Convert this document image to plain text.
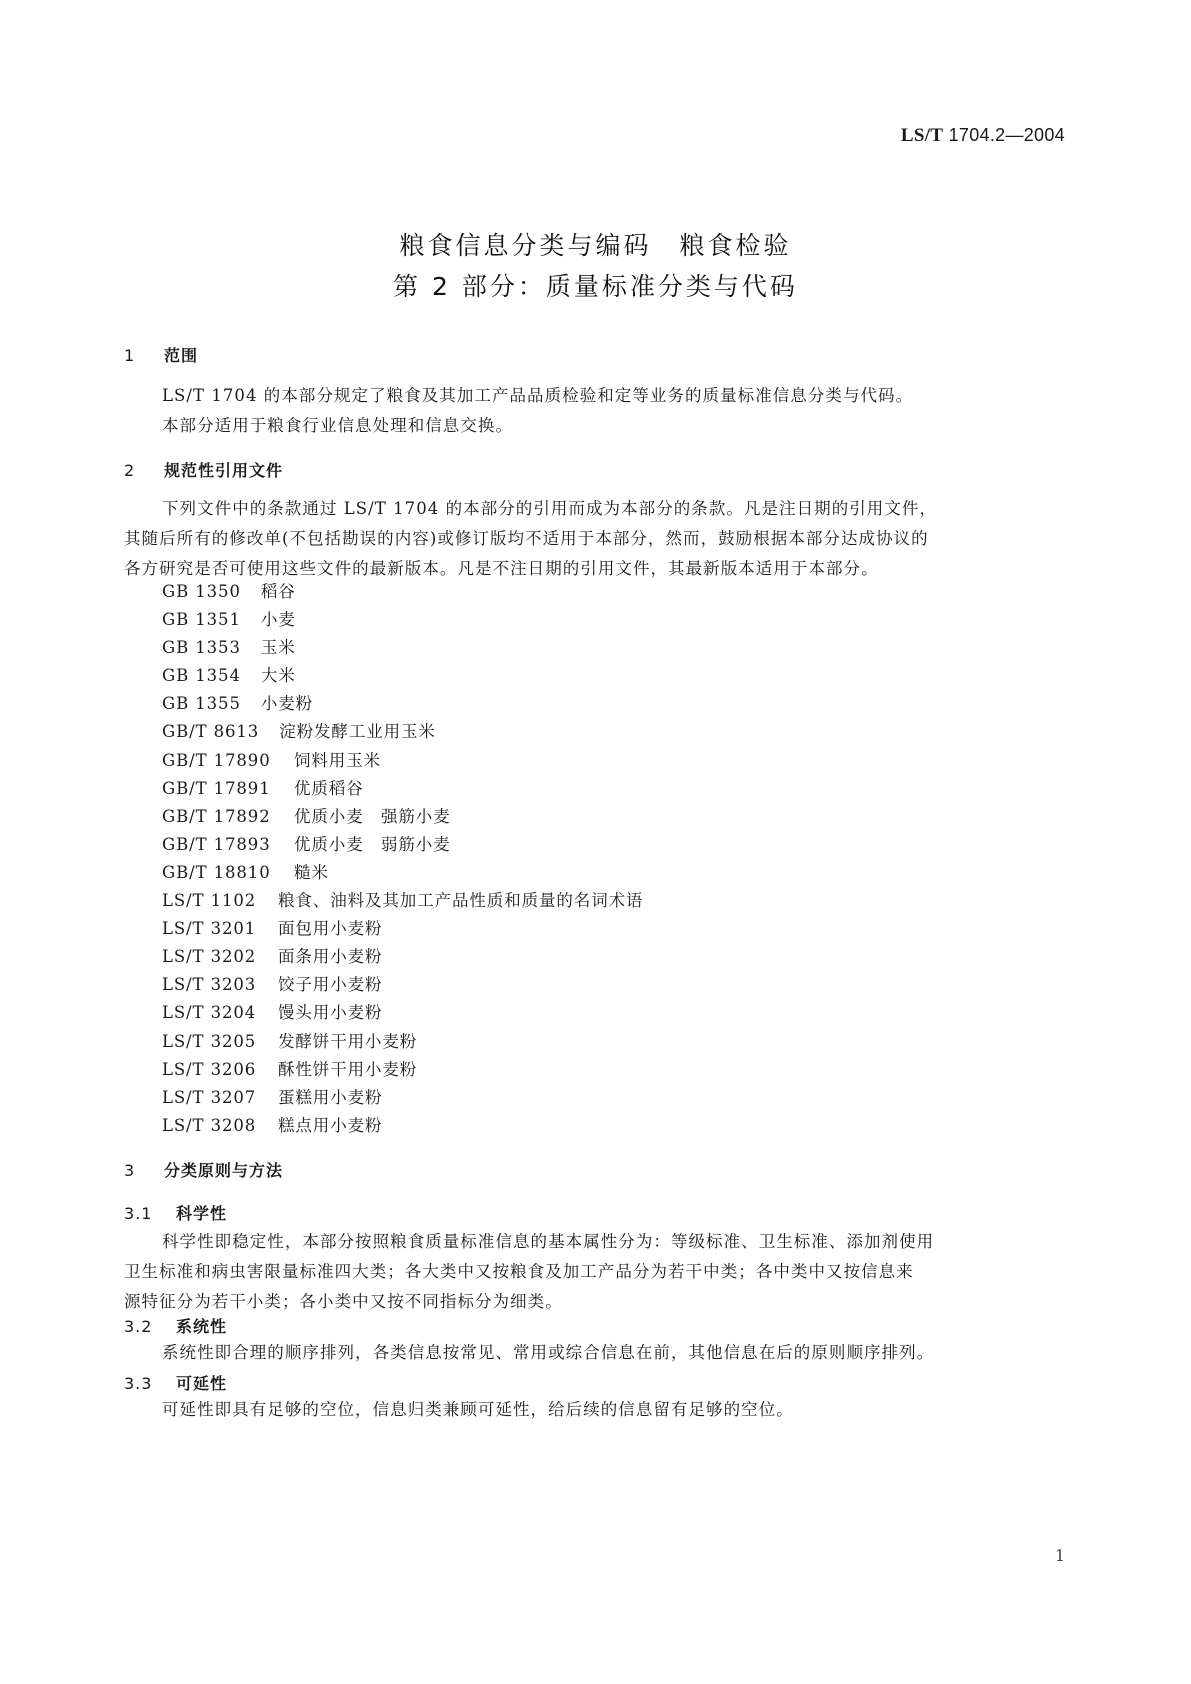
LS/T 1704.2—2004
粮食信息分类与编码　粮食检验
第 2 部分：质量标准分类与代码
1 范围
LS/T 1704 的本部分规定了粮食及其加工产品品质检验和定等业务的质量标准信息分类与代码。
本部分适用于粮食行业信息处理和信息交换。
2 规范性引用文件
下列文件中的条款通过 LS/T 1704 的本部分的引用而成为本部分的条款。凡是注日期的引用文件，
其随后所有的修改单(不包括勘误的内容)或修订版均不适用于本部分，然而，鼓励根据本部分达成协议的
各方研究是否可使用这些文件的最新版本。凡是不注日期的引用文件，其最新版本适用于本部分。
GB 1350 稻谷
GB 1351 小麦
GB 1353 玉米
GB 1354 大米
GB 1355 小麦粉
GB/T 8613 淀粉发酵工业用玉米
GB/T 17890 饲料用玉米
GB/T 17891 优质稻谷
GB/T 17892 优质小麦　强筋小麦
GB/T 17893 优质小麦　弱筋小麦
GB/T 18810 糙米
LS/T 1102 粮食、油料及其加工产品性质和质量的名词术语
LS/T 3201 面包用小麦粉
LS/T 3202 面条用小麦粉
LS/T 3203 饺子用小麦粉
LS/T 3204 馒头用小麦粉
LS/T 3205 发酵饼干用小麦粉
LS/T 3206 酥性饼干用小麦粉
LS/T 3207 蛋糕用小麦粉
LS/T 3208 糕点用小麦粉
3 分类原则与方法
3.1 科学性
科学性即稳定性，本部分按照粮食质量标准信息的基本属性分为：等级标准、卫生标准、添加剂使用
卫生标准和病虫害限量标准四大类；各大类中又按粮食及加工产品分为若干中类；各中类中又按信息来
源特征分为若干小类；各小类中又按不同指标分为细类。
3.2 系统性
系统性即合理的顺序排列，各类信息按常见、常用或综合信息在前，其他信息在后的原则顺序排列。
3.3 可延性
可延性即具有足够的空位，信息归类兼顾可延性，给后续的信息留有足够的空位。
1
